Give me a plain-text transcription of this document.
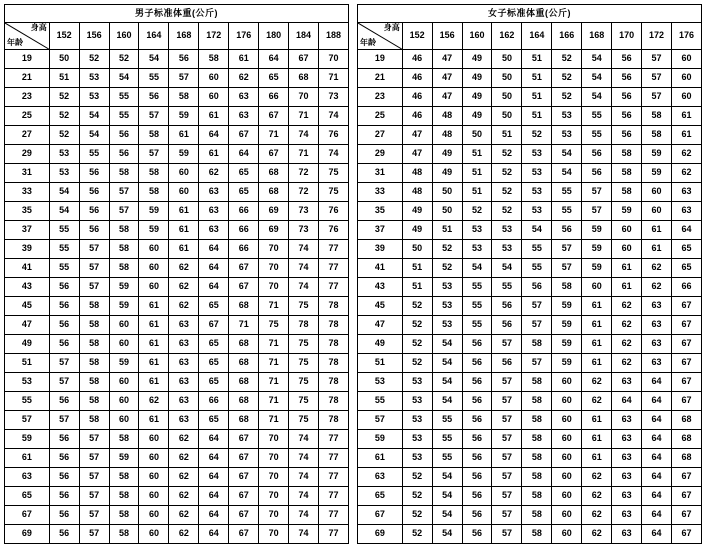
男子标准体重(公斤)										

身高
年龄	152	156	160	164	168	172	176	180	184	188
19	50	52	52	54	56	58	61	64	67	70
21	51	53	54	55	57	60	62	65	68	71
23	52	53	55	56	58	60	63	66	70	73
25	52	54	55	57	59	61	63	67	71	74
27	52	54	56	58	61	64	67	71	74	76
29	53	55	56	57	59	61	64	67	71	74
31	53	56	58	58	60	62	65	68	72	75
33	54	56	57	58	60	63	65	68	72	75
35	54	56	57	59	61	63	66	69	73	76
37	55	56	58	59	61	63	66	69	73	76
39	55	57	58	60	61	64	66	70	74	77
41	55	57	58	60	62	64	67	70	74	77
43	56	57	59	60	62	64	67	70	74	77
45	56	58	59	61	62	65	68	71	75	78
47	56	58	60	61	63	67	71	75	78	78
49	56	58	60	61	63	65	68	71	75	78
51	57	58	59	61	63	65	68	71	75	78
53	57	58	60	61	63	65	68	71	75	78
55	56	58	60	62	63	66	68	71	75	78
57	57	58	60	61	63	65	68	71	75	78
59	56	57	58	60	62	64	67	70	74	77
61	56	57	59	60	62	64	67	70	74	77
63	56	57	58	60	62	64	67	70	74	77
65	56	57	58	60	62	64	67	70	74	77
67	56	57	58	60	62	64	67	70	74	77
69	56	57	58	60	62	64	67	70	74	77
女子标准体重(公斤)										

身高
年龄	152	156	160	162	164	166	168	170	172	176
19	46	47	49	50	51	52	54	56	57	60
21	46	47	49	50	51	52	54	56	57	60
23	46	47	49	50	51	52	54	56	57	60
25	46	48	49	50	51	53	55	56	58	61
27	47	48	50	51	52	53	55	56	58	61
29	47	49	51	52	53	54	56	58	59	62
31	48	49	51	52	53	54	56	58	59	62
33	48	50	51	52	53	55	57	58	60	63
35	49	50	52	52	53	55	57	59	60	63
37	49	51	53	53	54	56	59	60	61	64
39	50	52	53	53	55	57	59	60	61	65
41	51	52	54	54	55	57	59	61	62	65
43	51	53	55	55	56	58	60	61	62	66
45	52	53	55	56	57	59	61	62	63	67
47	52	53	55	56	57	59	61	62	63	67
49	52	54	56	57	58	59	61	62	63	67
51	52	54	56	56	57	59	61	62	63	67
53	53	54	56	57	58	60	62	63	64	67
55	53	54	56	57	58	60	62	64	64	67
57	53	55	56	57	58	60	61	63	64	68
59	53	55	56	57	58	60	61	63	64	68
61	53	55	56	57	58	60	61	63	64	68
63	52	54	56	57	58	60	62	63	64	67
65	52	54	56	57	58	60	62	63	64	67
67	52	54	56	57	58	60	62	63	64	67
69	52	54	56	57	58	60	62	63	64	67
